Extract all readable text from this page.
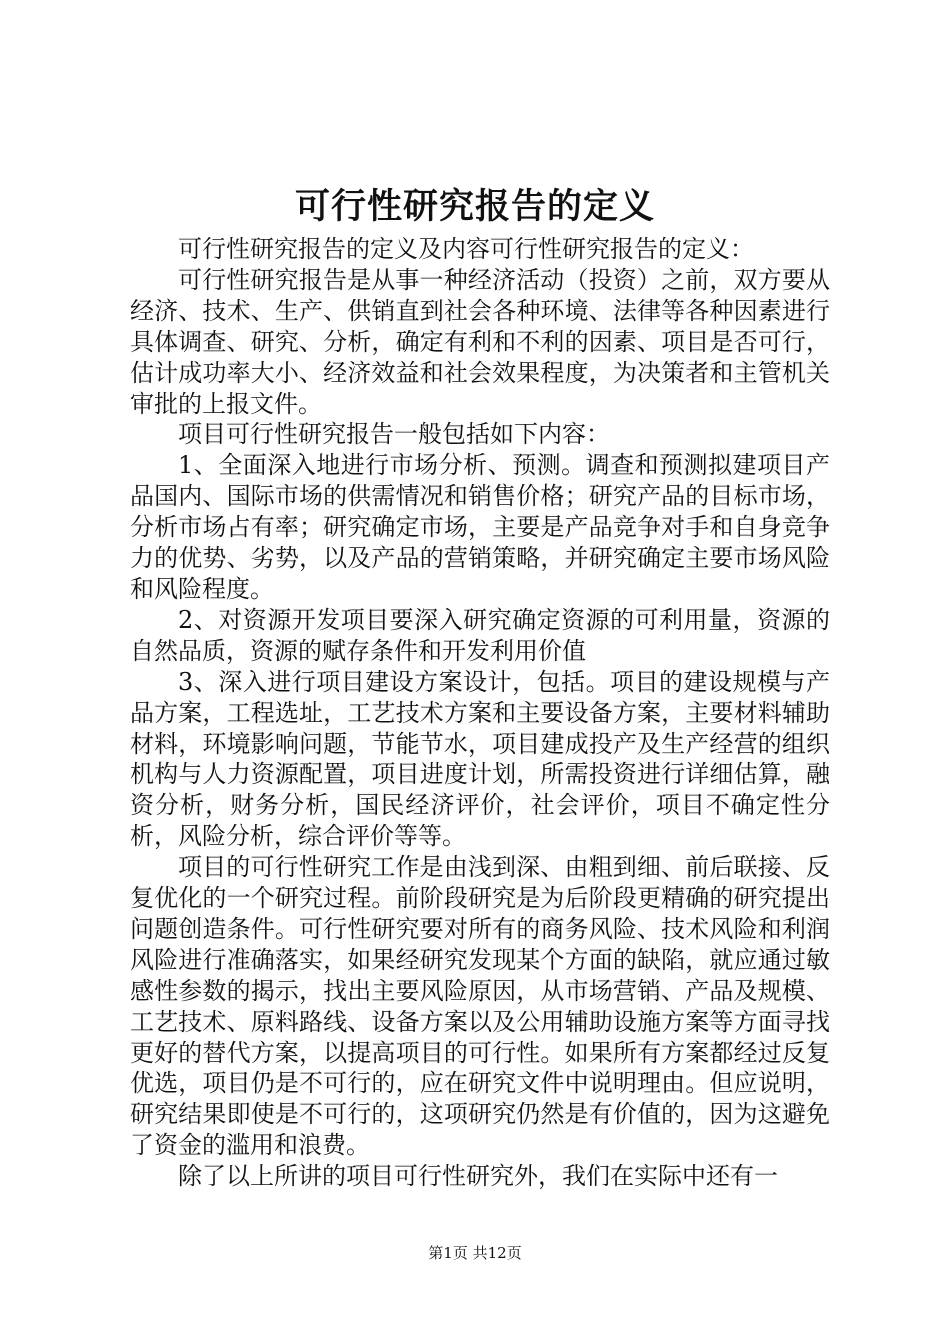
可行性研究报告的定义

可行性研究报告的定义及内容可行性研究报告的定义：

可行性研究报告是从事一种经济活动（投资）之前，双方要从经济、技术、生产、供销直到社会各种环境、法律等各种因素进行具体调查、研究、分析，确定有利和不利的因素、项目是否可行，估计成功率大小、经济效益和社会效果程度，为决策者和主管机关审批的上报文件。

项目可行性研究报告一般包括如下内容：

1、全面深入地进行市场分析、预测。调查和预测拟建项目产品国内、国际市场的供需情况和销售价格；研究产品的目标市场，分析市场占有率；研究确定市场，主要是产品竞争对手和自身竞争力的优势、劣势，以及产品的营销策略，并研究确定主要市场风险和风险程度。

2、对资源开发项目要深入研究确定资源的可利用量，资源的自然品质，资源的赋存条件和开发利用价值

3、深入进行项目建设方案设计，包括。项目的建设规模与产品方案，工程选址，工艺技术方案和主要设备方案，主要材料辅助材料，环境影响问题，节能节水，项目建成投产及生产经营的组织机构与人力资源配置，项目进度计划，所需投资进行详细估算，融资分析，财务分析，国民经济评价，社会评价，项目不确定性分析，风险分析，综合评价等等。

项目的可行性研究工作是由浅到深、由粗到细、前后联接、反复优化的一个研究过程。前阶段研究是为后阶段更精确的研究提出问题创造条件。可行性研究要对所有的商务风险、技术风险和利润风险进行准确落实，如果经研究发现某个方面的缺陷，就应通过敏感性参数的揭示，找出主要风险原因，从市场营销、产品及规模、工艺技术、原料路线、设备方案以及公用辅助设施方案等方面寻找更好的替代方案，以提高项目的可行性。如果所有方案都经过反复优选，项目仍是不可行的，应在研究文件中说明理由。但应说明，研究结果即使是不可行的，这项研究仍然是有价值的，因为这避免了资金的滥用和浪费。

除了以上所讲的项目可行性研究外，我们在实际中还有一

第1页 共12页
